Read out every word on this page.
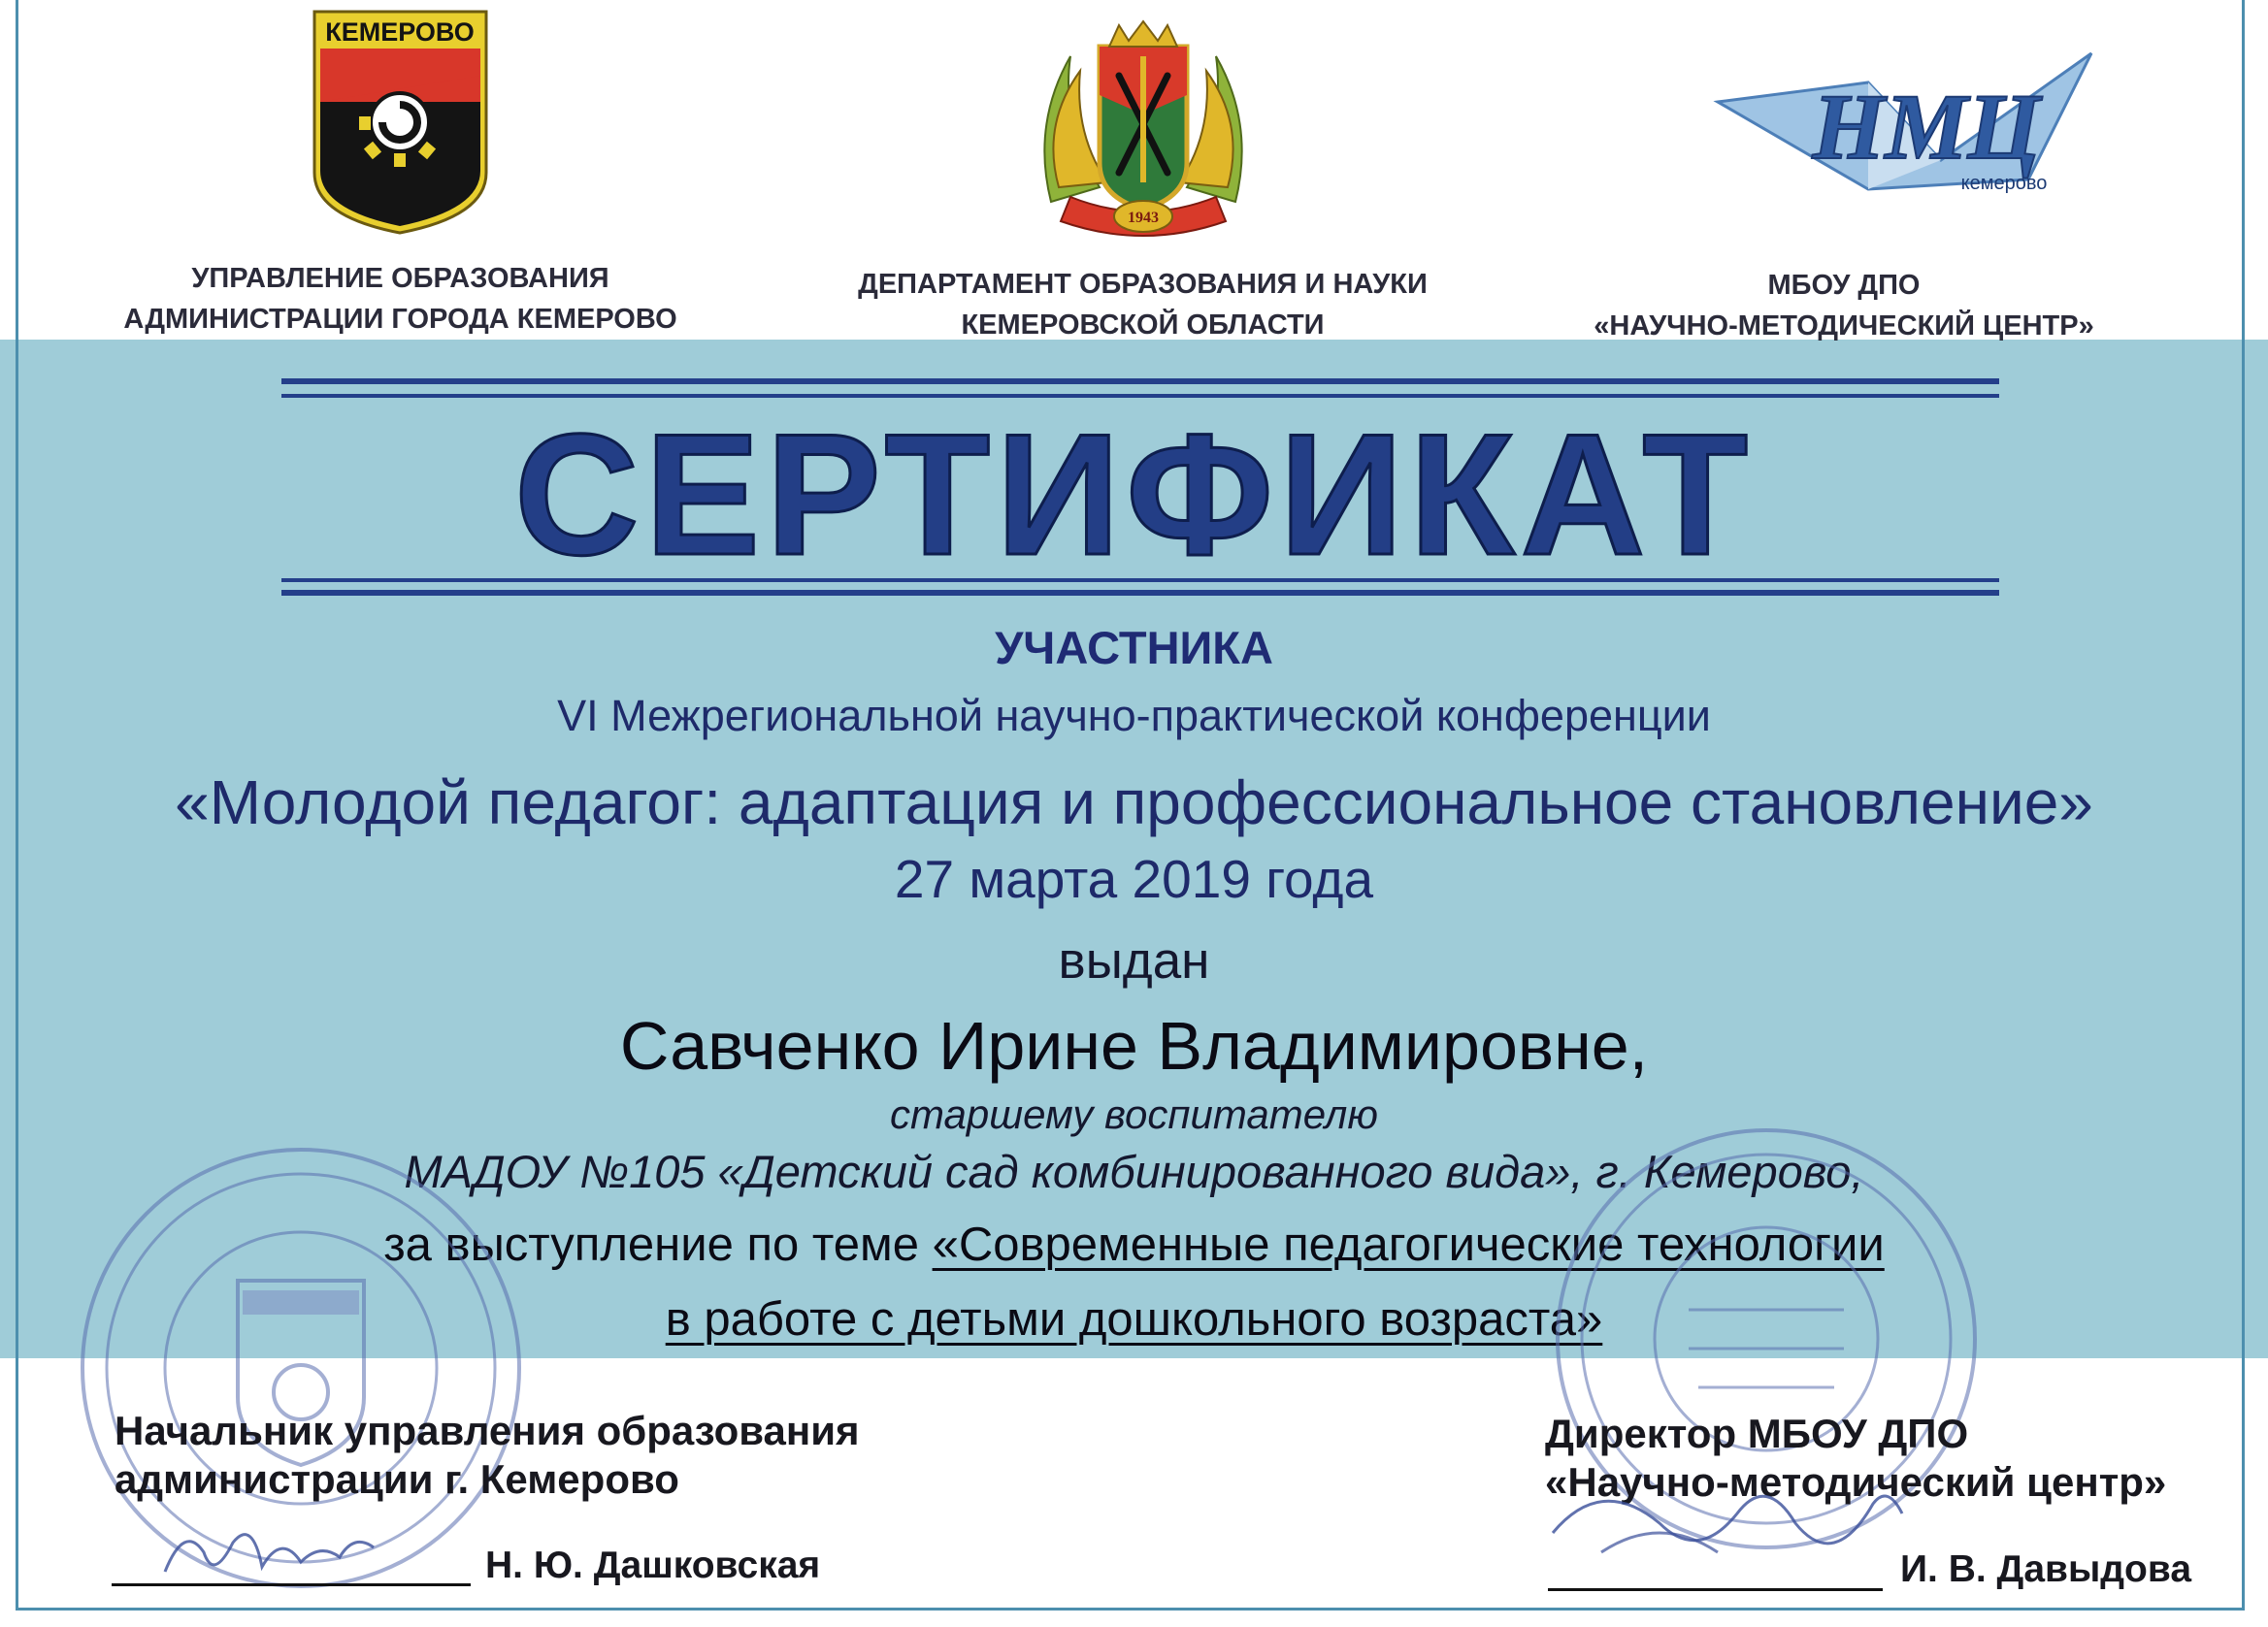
КЕМЕРОВО
1943
НМЦ
кемерово
УПРАВЛЕНИЕ ОБРАЗОВАНИЯ
АДМИНИСТРАЦИИ ГОРОДА КЕМЕРОВО
ДЕПАРТАМЕНТ ОБРАЗОВАНИЯ И НАУКИ
КЕМЕРОВСКОЙ ОБЛАСТИ
МБОУ ДПО
«НАУЧНО-МЕТОДИЧЕСКИЙ ЦЕНТР»
СЕРТИФИКАТ
УЧАСТНИКА
VI Межрегиональной научно-практической конференции
«Молодой педагог: адаптация и профессиональное становление»
27 марта 2019 года
выдан
Савченко Ирине Владимировне,
старшему воспитателю
МАДОУ №105 «Детский сад комбинированного вида», г. Кемерово,
за выступление по теме «Современные педагогические технологии
в работе с детьми дошкольного возраста»
Начальник управления образования
администрации г. Кемерово
Н. Ю. Дашковская
Директор МБОУ ДПО
«Научно-методический центр»
И. В. Давыдова
